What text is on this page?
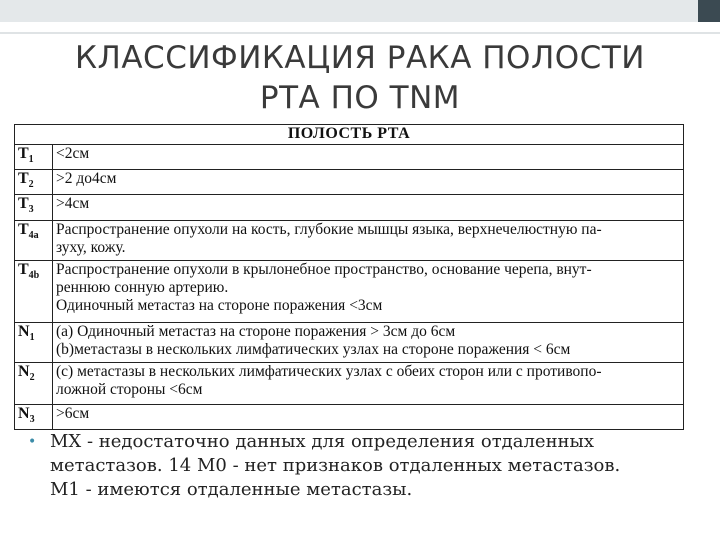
КЛАССИФИКАЦИЯ РАКА ПОЛОСТИ
РТА ПО TNM
ПОЛОСТЬ РТА	
$T_1$	<2см
$T_2$	>2 до4см
$T_3$	>4см
$T_{4a}$	Распространение опухоли на кость, глубокие мышцы языка, верхнечелюстную па-
зуху, кожу.
$T_{4b}$	Распространение опухоли в крылонебное пространство, основание черепа, внут-
реннюю сонную артерию.
Одиночный метастаз на стороне поражения <3см
$N_1$	(а) Одиночный метастаз на стороне поражения > 3см до 6см
(b)метастазы в нескольких лимфатических узлах на стороне поражения < 6см
$N_2$	(с) метастазы в нескольких лимфатических узлах с обеих сторон или с противопо-
ложной стороны <6см
$N_3$	>6см
• MX - недостаточно данных для определения отдаленных
метастазов. 14 М0 - нет признаков отдаленных метастазов.
М1 - имеются отдаленные метастазы.
